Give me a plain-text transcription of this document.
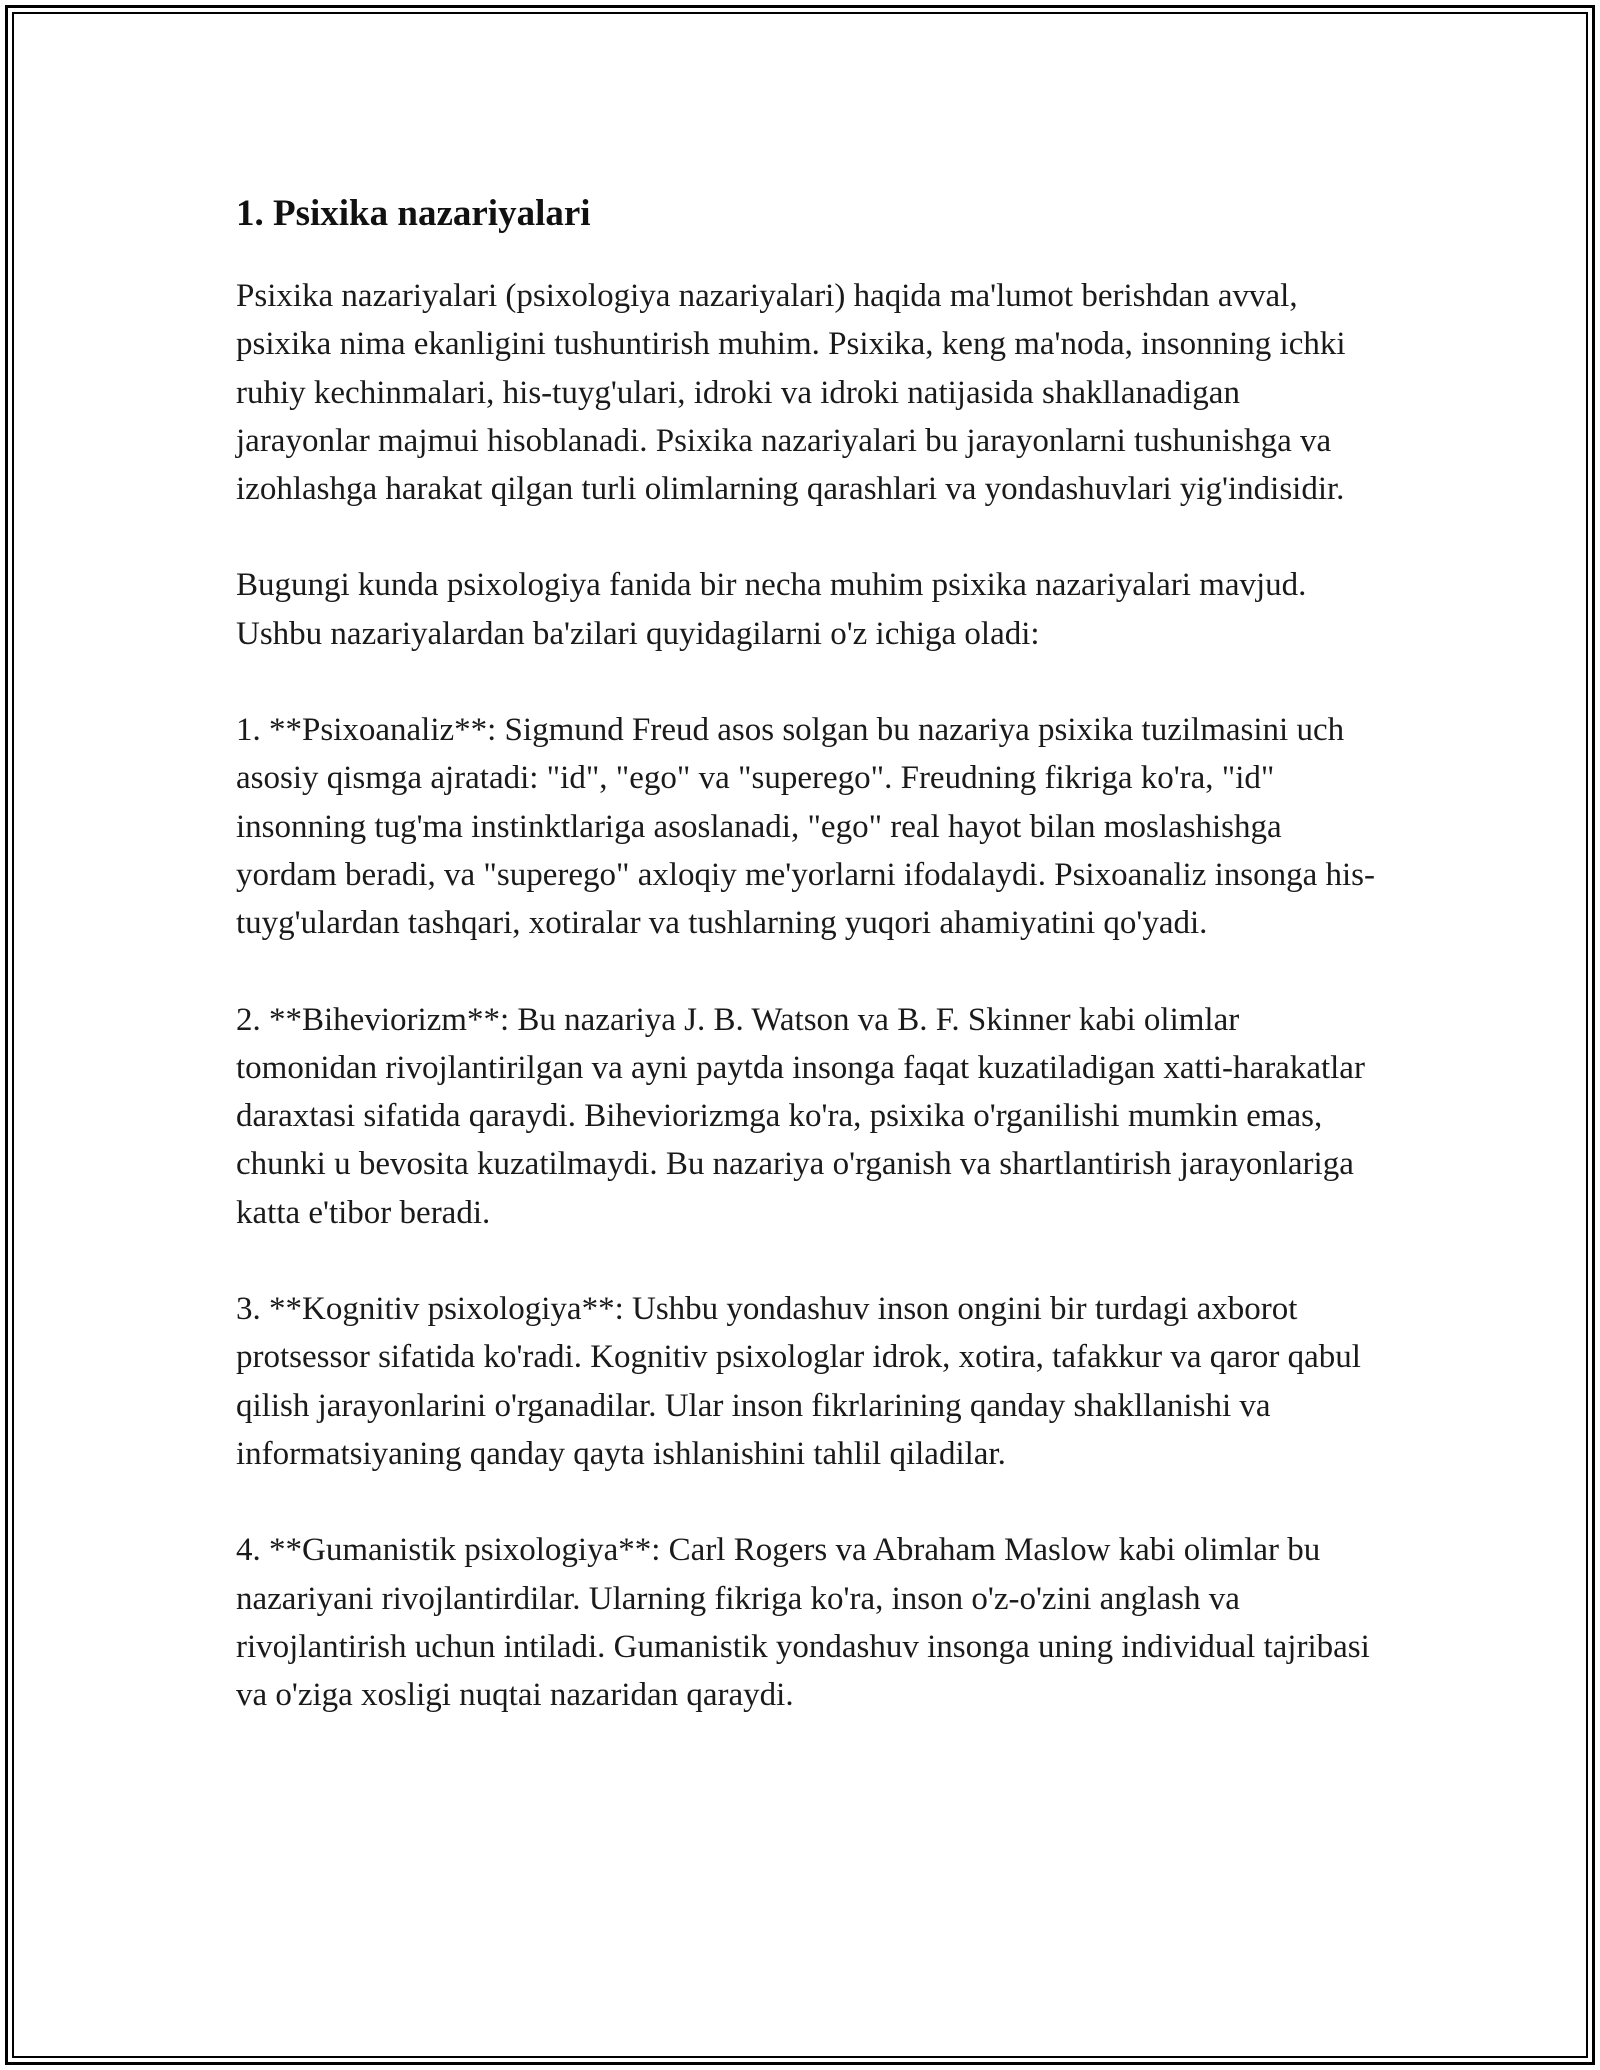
1. Psixika nazariyalari

Psixika nazariyalari (psixologiya nazariyalari) haqida ma'lumot berishdan avval, psixika nima ekanligini tushuntirish muhim. Psixika, keng ma'noda, insonning ichki ruhiy kechinmalari, his-tuyg'ulari, idroki va idroki natijasida shakllanadigan jarayonlar majmui hisoblanadi. Psixika nazariyalari bu jarayonlarni tushunishga va izohlashga harakat qilgan turli olimlarning qarashlari va yondashuvlari yig'indisidir.

Bugungi kunda psixologiya fanida bir necha muhim psixika nazariyalari mavjud. Ushbu nazariyalardan ba'zilari quyidagilarni o'z ichiga oladi:

1. **Psixoanaliz**: Sigmund Freud asos solgan bu nazariya psixika tuzilmasini uch asosiy qismga ajratadi: "id", "ego" va "superego". Freudning fikriga ko'ra, "id" insonning tug'ma instinktlariga asoslanadi, "ego" real hayot bilan moslashishga yordam beradi, va "superego" axloqiy me'yorlarni ifodalaydi. Psixoanaliz insonga his-tuyg'ulardan tashqari, xotiralar va tushlarning yuqori ahamiyatini qo'yadi.

2. **Biheviorizm**: Bu nazariya J. B. Watson va B. F. Skinner kabi olimlar tomonidan rivojlantirilgan va ayni paytda insonga faqat kuzatiladigan xatti-harakatlar daraxtasi sifatida qaraydi. Biheviorizmga ko'ra, psixika o'rganilishi mumkin emas, chunki u bevosita kuzatilmaydi. Bu nazariya o'rganish va shartlantirish jarayonlariga katta e'tibor beradi.

3. **Kognitiv psixologiya**: Ushbu yondashuv inson ongini bir turdagi axborot protsessor sifatida ko'radi. Kognitiv psixologlar idrok, xotira, tafakkur va qaror qabul qilish jarayonlarini o'rganadilar. Ular inson fikrlarining qanday shakllanishi va informatsiyaning qanday qayta ishlanishini tahlil qiladilar.

4. **Gumanistik psixologiya**: Carl Rogers va Abraham Maslow kabi olimlar bu nazariyani rivojlantirdilar. Ularning fikriga ko'ra, inson o'z-o'zini anglash va rivojlantirish uchun intiladi. Gumanistik yondashuv insonga uning individual tajribasi va o'ziga xosligi nuqtai nazaridan qaraydi.
